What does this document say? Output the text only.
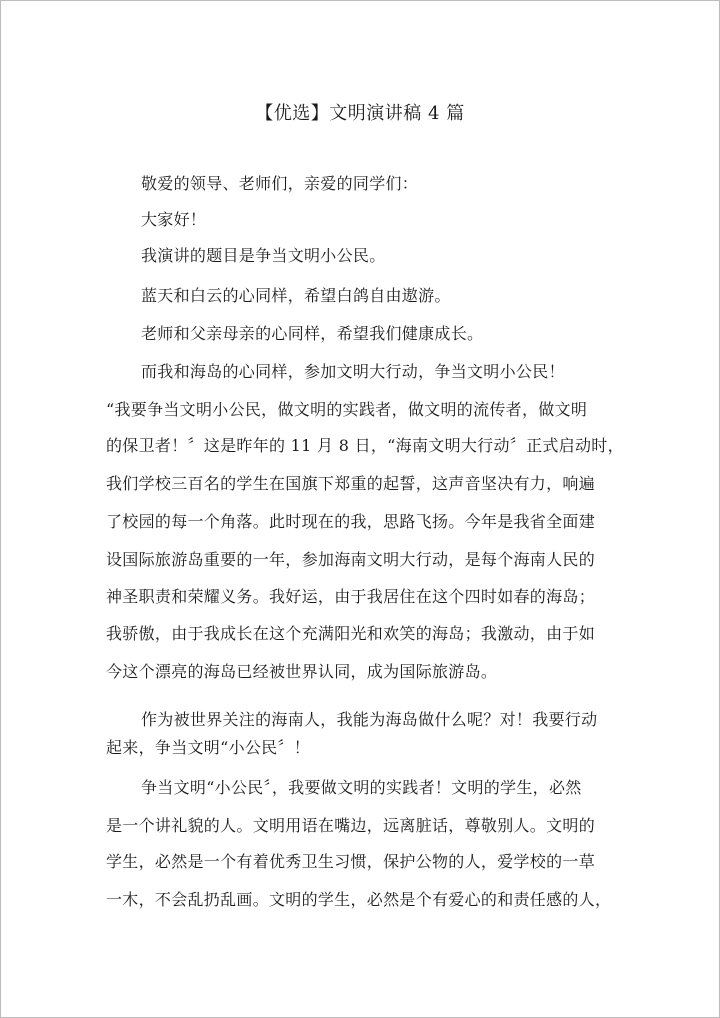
【优选】文明演讲稿 4 篇
敬爱的领导、老师们，亲爱的同学们：
大家好！
我演讲的题目是争当文明小公民。
蓝天和白云的心同样，希望白鸽自由遨游。
老师和父亲母亲的心同样，希望我们健康成长。
而我和海岛的心同样，参加文明大行动，争当文明小公民！
“我要争当文明小公民，做文明的实践者，做文明的流传者，做文明
的保卫者！〞这是昨年的 11 月 8 日，“海南文明大行动〞正式启动时，
我们学校三百名的学生在国旗下郑重的起誓，这声音坚决有力，响遍
了校园的每一个角落。此时现在的我，思路飞扬。今年是我省全面建
设国际旅游岛重要的一年，参加海南文明大行动，是每个海南人民的
神圣职责和荣耀义务。我好运，由于我居住在这个四时如春的海岛；
我骄傲，由于我成长在这个充满阳光和欢笑的海岛；我激动，由于如
今这个漂亮的海岛已经被世界认同，成为国际旅游岛。
作为被世界关注的海南人，我能为海岛做什么呢？对！我要行动
起来，争当文明“小公民〞！
争当文明“小公民〞，我要做文明的实践者！文明的学生，必然
是一个讲礼貌的人。文明用语在嘴边，远离脏话，尊敬别人。文明的
学生，必然是一个有着优秀卫生习惯，保护公物的人，爱学校的一草
一木，不会乱扔乱画。文明的学生，必然是个有爱心的和责任感的人，
